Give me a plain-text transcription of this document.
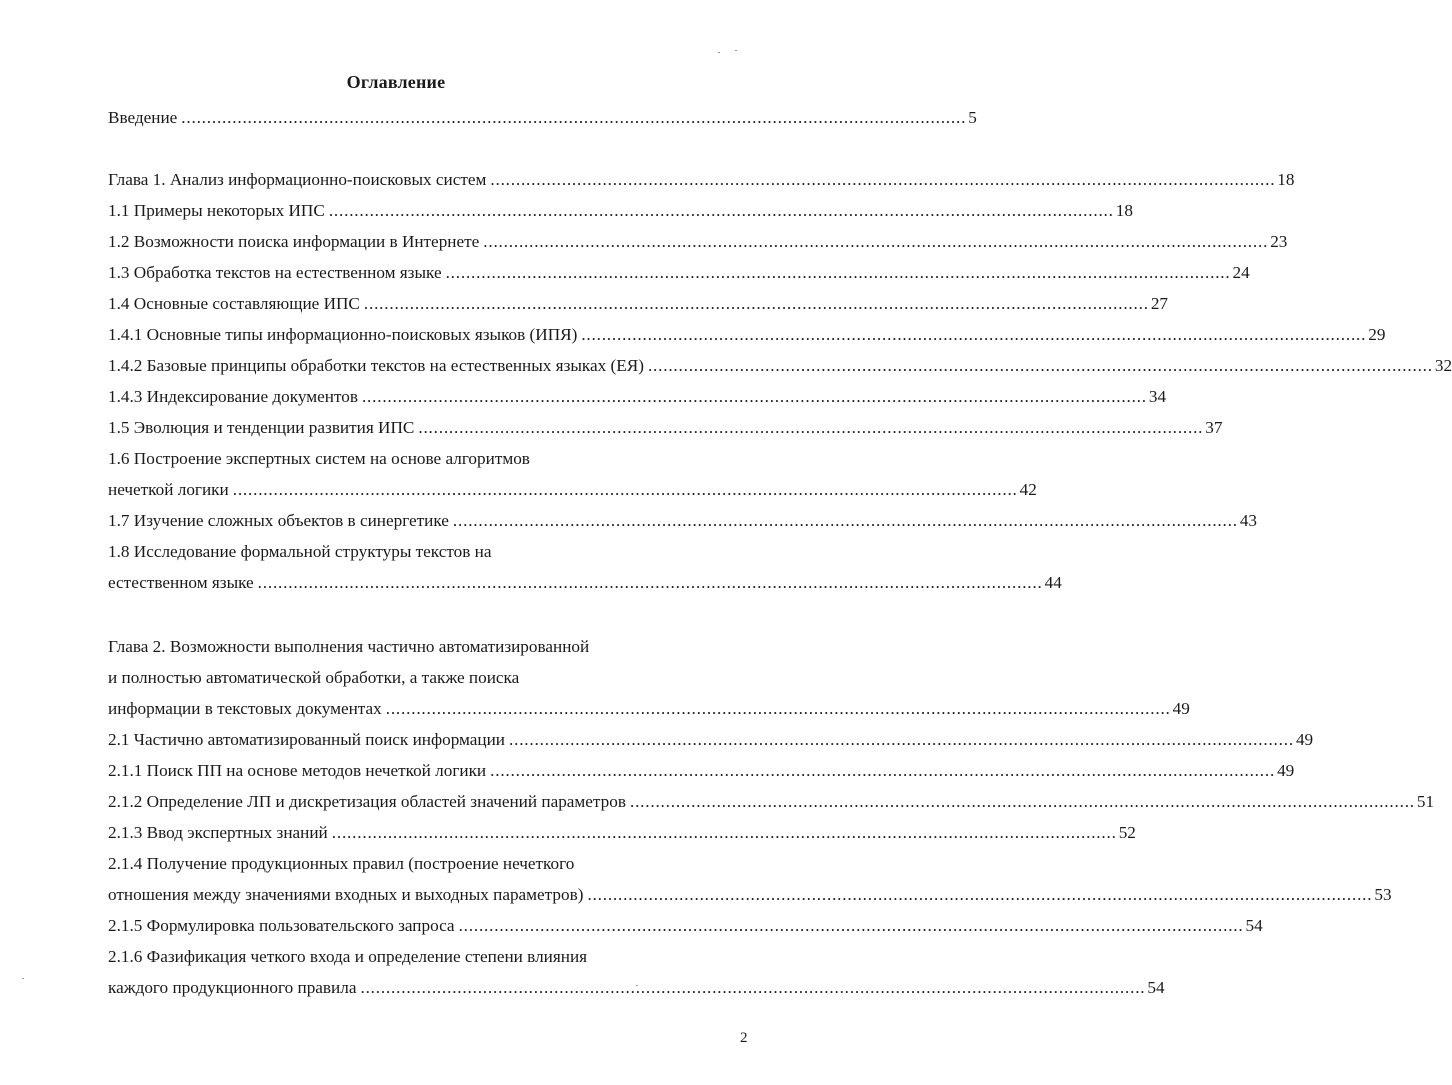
Оглавление
Введение .....	5
Глава 1. Анализ информационно-поисковых систем .....	18
1.1 Примеры некоторых ИПС .....	18
1.2 Возможности поиска информации в Интернете .....	23
1.3 Обработка текстов на естественном языке .....	24
1.4 Основные составляющие ИПС .....	27
1.4.1 Основные типы информационно-поисковых языков (ИПЯ) .....	29
1.4.2 Базовые принципы обработки текстов на естественных языках (ЕЯ) .....	32
1.4.3 Индексирование документов .....	34
1.5 Эволюция и тенденции развития ИПС .....	37
1.6 Построение экспертных систем на основе алгоритмов
нечеткой логики .....	42
1.7 Изучение сложных объектов в синергетике .....	43
1.8 Исследование формальной структуры текстов на
естественном языке .....	44
Глава 2. Возможности выполнения частично автоматизированной
и полностью автоматической обработки, а также поиска
информации в текстовых документах .....	49
2.1 Частично автоматизированный поиск информации .....	49
2.1.1 Поиск ПП на основе методов нечеткой логики .....	49
2.1.2 Определение ЛП и дискретизация областей значений параметров .....	51
2.1.3 Ввод экспертных знаний .....	52
2.1.4 Получение продукционных правил (построение нечеткого
отношения между значениями входных и выходных параметров) .....	53
2.1.5 Формулировка пользовательского запроса .....	54
2.1.6 Фазификация четкого входа и определение степени влияния
каждого продукционного правила .....	54
2
